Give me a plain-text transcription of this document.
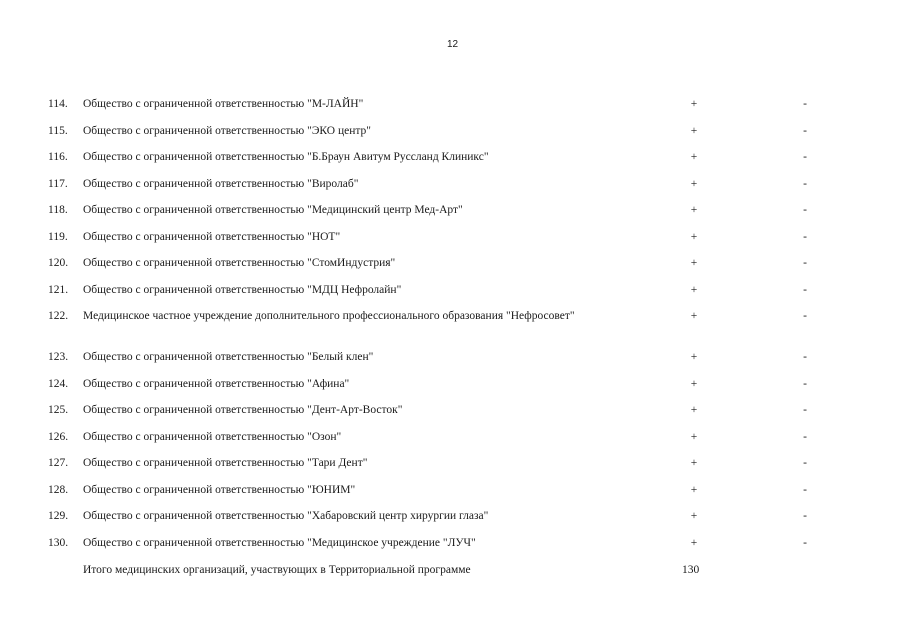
12
114.	Общество с ограниченной ответственностью "М-ЛАЙН"	+	-
115.	Общество с ограниченной ответственностью "ЭКО центр"	+	-
116.	Общество с ограниченной ответственностью "Б.Браун Авитум Руссланд Клиникс"	+	-
117.	Общество с ограниченной ответственностью "Виролаб"	+	-
118.	Общество с ограниченной ответственностью "Медицинский центр Мед-Арт"	+	-
119.	Общество с ограниченной ответственностью "НОТ"	+	-
120.	Общество с ограниченной ответственностью "СтомИндустрия"	+	-
121.	Общество с ограниченной ответственностью "МДЦ Нефролайн"	+	-
122.	Медицинское частное учреждение дополнительного профессионального образования "Нефросовет"	+	-
123.	Общество с ограниченной ответственностью "Белый клен"	+	-
124.	Общество с ограниченной ответственностью "Афина"	+	-
125.	Общество с ограниченной ответственностью "Дент-Арт-Восток"	+	-
126.	Общество с ограниченной ответственностью "Озон"	+	-
127.	Общество с ограниченной ответственностью "Тари Дент"	+	-
128.	Общество с ограниченной ответственностью "ЮНИМ"	+	-
129.	Общество с ограниченной ответственностью "Хабаровский центр хирургии глаза"	+	-
130.	Общество с ограниченной ответственностью "Медицинское учреждение "ЛУЧ"	+	-
Итого медицинских организаций, участвующих в Территориальной программе	130
